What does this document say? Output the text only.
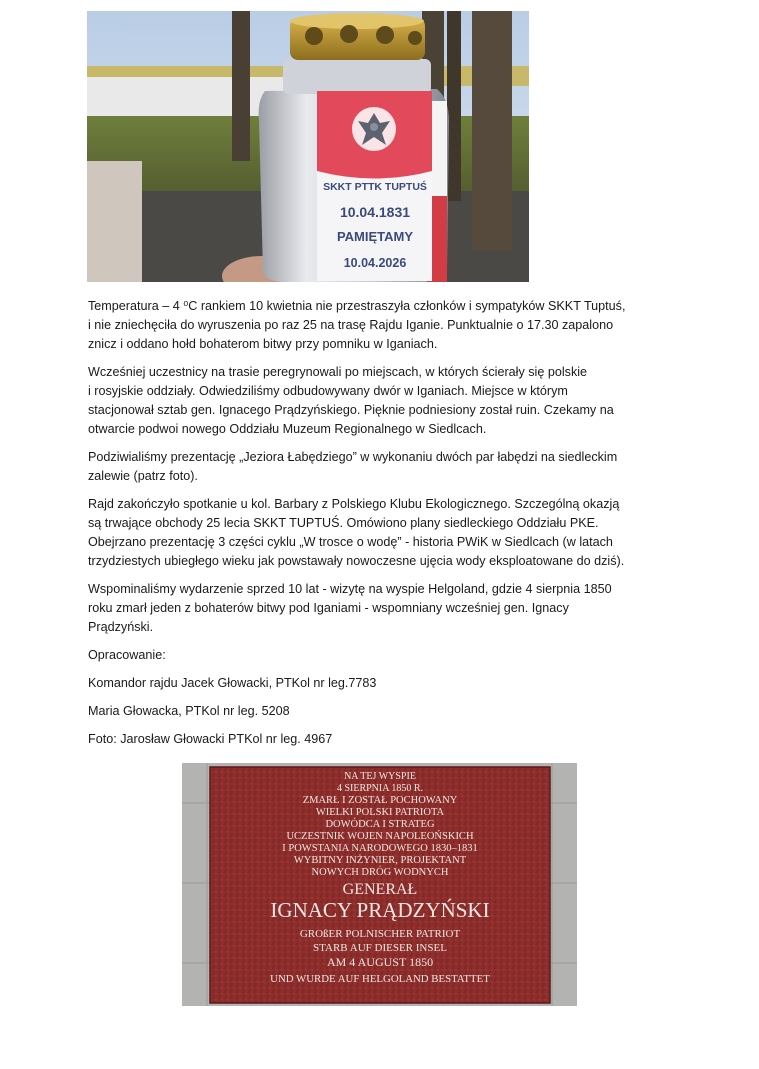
SKKT PTTK TUPTUŚ
10.04.1831
PAMIĘTAMY
10.04.2026

Temperatura – 4 ⁰C rankiem 10 kwietnia nie przestraszyła członków i sympatyków SKKT Tuptuś,
i nie zniechęciła do wyruszenia po raz 25 na trasę Rajdu Iganie. Punktualnie o 17.30 zapalono
znicz i oddano hołd bohaterom bitwy przy pomniku w Iganiach.

Wcześniej uczestnicy na trasie peregrynowali po miejscach, w których ścierały się polskie
i rosyjskie oddziały. Odwiedziliśmy odbudowywany dwór w Iganiach. Miejsce w którym
stacjonował sztab gen. Ignacego Prądzyńskiego. Pięknie podniesiony został ruin. Czekamy na
otwarcie podwoi nowego Oddziału Muzeum Regionalnego w Siedlcach.

Podziwialiśmy prezentację „Jeziora Łabędziego” w wykonaniu dwóch par łabędzi na siedleckim
zalewie (patrz foto).

Rajd zakończyło spotkanie u kol. Barbary z Polskiego Klubu Ekologicznego. Szczególną okazją
są trwające obchody 25 lecia SKKT TUPTUŚ. Omówiono plany siedleckiego Oddziału PKE.
Obejrzano prezentację 3 części cyklu „W trosce o wodę” - historia PWiK w Siedlcach (w latach
trzydziestych ubiegłego wieku jak powstawały nowoczesne ujęcia wody eksploatowane do dziś).

Wspominaliśmy wydarzenie sprzed 10 lat - wizytę na wyspie Helgoland, gdzie 4 sierpnia 1850
roku zmarł jeden z bohaterów bitwy pod Iganiami - wspomniany wcześniej gen. Ignacy
Prądzyński.

Opracowanie:

Komandor rajdu Jacek Głowacki, PTKol nr leg.7783

Maria Głowacka, PTKol nr leg. 5208

Foto: Jarosław Głowacki PTKol nr leg. 4967

NA TEJ WYSPIE
4 SIERPNIA 1850 R.
ZMARŁ I ZOSTAŁ POCHOWANY
WIELKI POLSKI PATRIOTA
DOWÓDCA I STRATEG
UCZESTNIK WOJEN NAPOLEOŃSKICH
I POWSTANIA NARODOWEGO 1830–1831
WYBITNY INŻYNIER, PROJEKTANT
NOWYCH DRÓG WODNYCH
GENERAŁ
IGNACY PRĄDZYŃSKI
GROßER POLNISCHER PATRIOT
STARB AUF DIESER INSEL
AM 4 AUGUST 1850
UND WURDE AUF HELGOLAND BESTATTET
